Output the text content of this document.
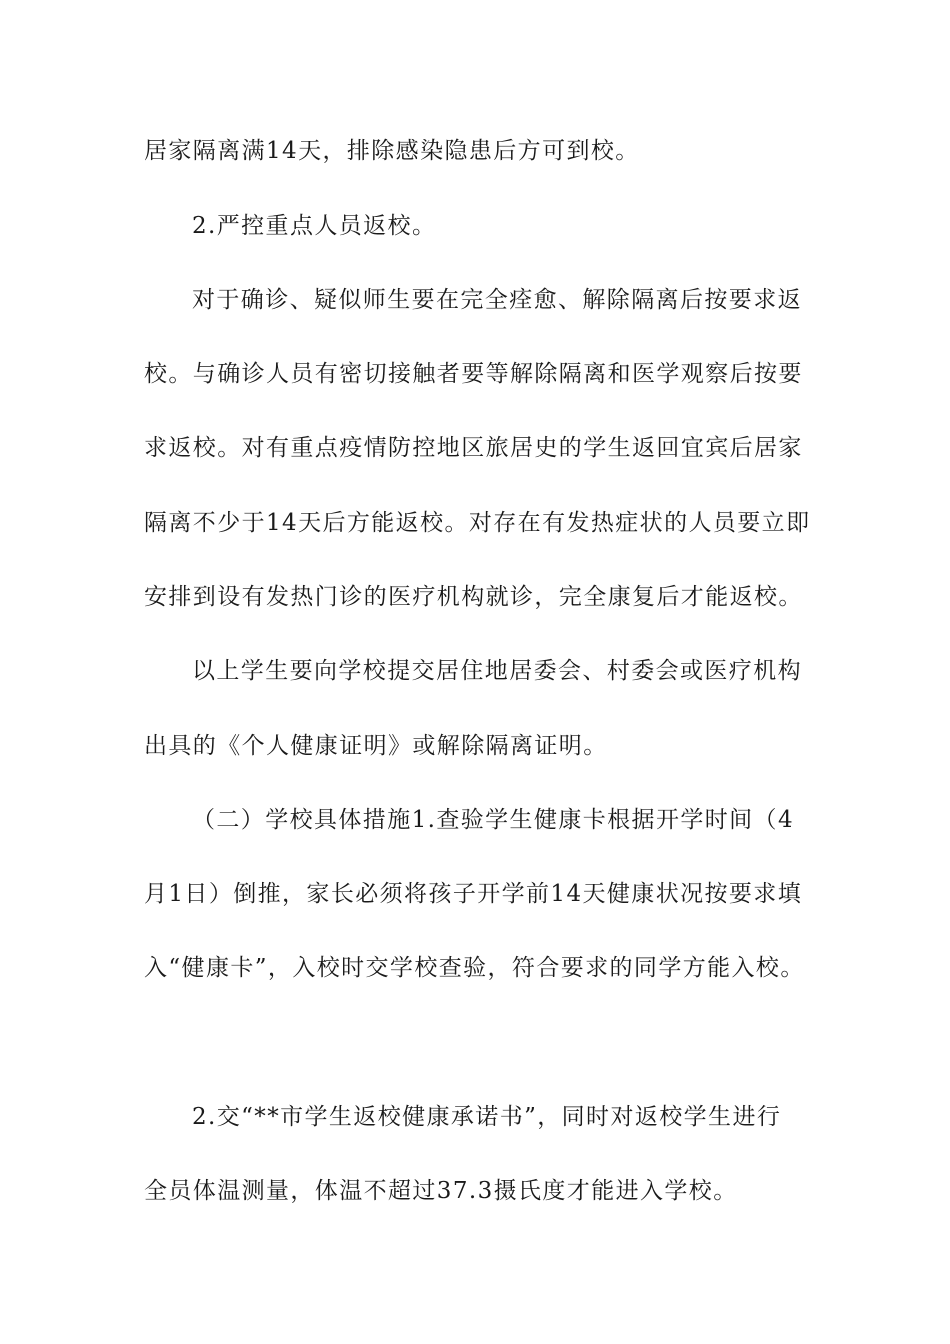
居家隔离满14天，排除感染隐患后方可到校。
2.严控重点人员返校。
对于确诊、疑似师生要在完全痊愈、解除隔离后按要求返
校。与确诊人员有密切接触者要等解除隔离和医学观察后按要
求返校。对有重点疫情防控地区旅居史的学生返回宜宾后居家
隔离不少于14天后方能返校。对存在有发热症状的人员要立即
安排到设有发热门诊的医疗机构就诊，完全康复后才能返校。
以上学生要向学校提交居住地居委会、村委会或医疗机构
出具的《个人健康证明》或解除隔离证明。
（二）学校具体措施1.查验学生健康卡根据开学时间（4
月1日）倒推，家长必须将孩子开学前14天健康状况按要求填
入“健康卡”，入校时交学校查验，符合要求的同学方能入校。
2.交“**市学生返校健康承诺书”，同时对返校学生进行
全员体温测量，体温不超过37.3摄氏度才能进入学校。
